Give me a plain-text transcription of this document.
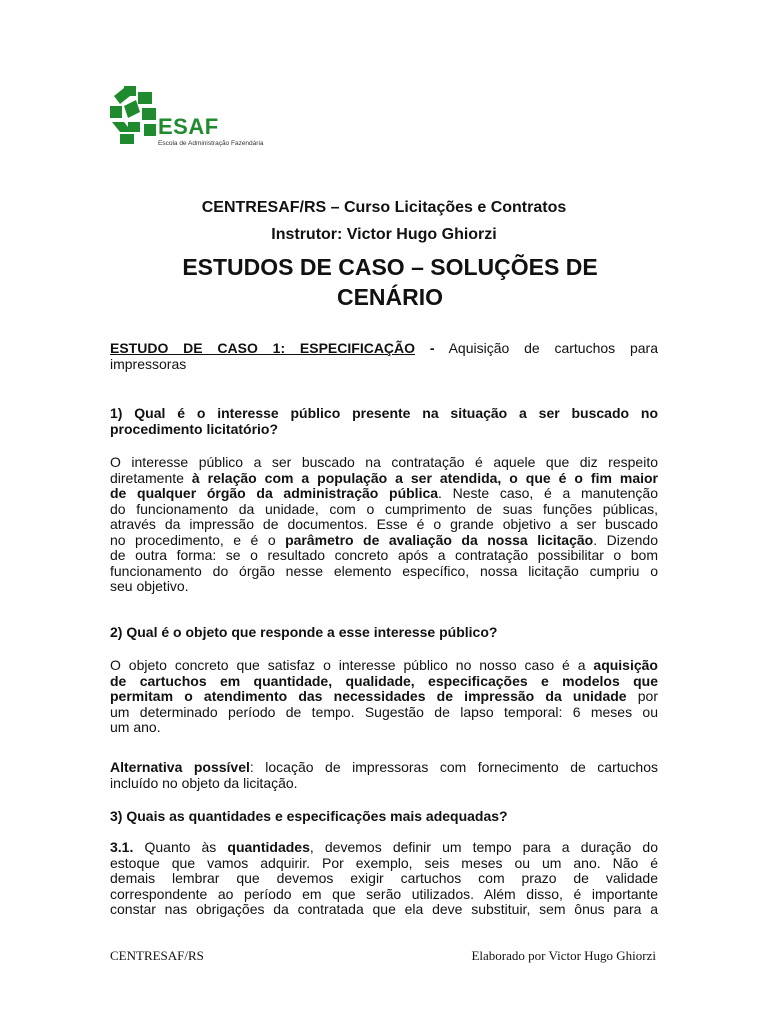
ESAF
Escola de Administração Fazendária
CENTRESAF/RS – Curso Licitações e Contratos
Instrutor: Victor Hugo Ghiorzi
ESTUDOS DE CASO – SOLUÇÕES DE
CENÁRIO
ESTUDO DE CASO 1: ESPECIFICAÇÃO - Aquisição de cartuchos para
impressoras
1) Qual é o interesse público presente na situação a ser buscado no
procedimento licitatório?
O interesse público a ser buscado na contratação é aquele que diz respeito
diretamente à relação com a população a ser atendida, o que é o fim maior
de qualquer órgão da administração pública. Neste caso, é a manutenção
do funcionamento da unidade, com o cumprimento de suas funções públicas,
através da impressão de documentos. Esse é o grande objetivo a ser buscado
no procedimento, e é o parâmetro de avaliação da nossa licitação. Dizendo
de outra forma: se o resultado concreto após a contratação possibilitar o bom
funcionamento do órgão nesse elemento específico, nossa licitação cumpriu o
seu objetivo.
2) Qual é o objeto que responde a esse interesse público?
O objeto concreto que satisfaz o interesse público no nosso caso é a aquisição
de cartuchos em quantidade, qualidade, especificações e modelos que
permitam o atendimento das necessidades de impressão da unidade por
um determinado período de tempo. Sugestão de lapso temporal: 6 meses ou
um ano.
Alternativa possível: locação de impressoras com fornecimento de cartuchos
incluído no objeto da licitação.
3) Quais as quantidades e especificações mais adequadas?
3.1. Quanto às quantidades, devemos definir um tempo para a duração do
estoque que vamos adquirir. Por exemplo, seis meses ou um ano. Não é
demais lembrar que devemos exigir cartuchos com prazo de validade
correspondente ao período em que serão utilizados. Além disso, é importante
constar nas obrigações da contratada que ela deve substituir, sem ônus para a
CENTRESAF/RS	Elaborado por Victor Hugo Ghiorzi
